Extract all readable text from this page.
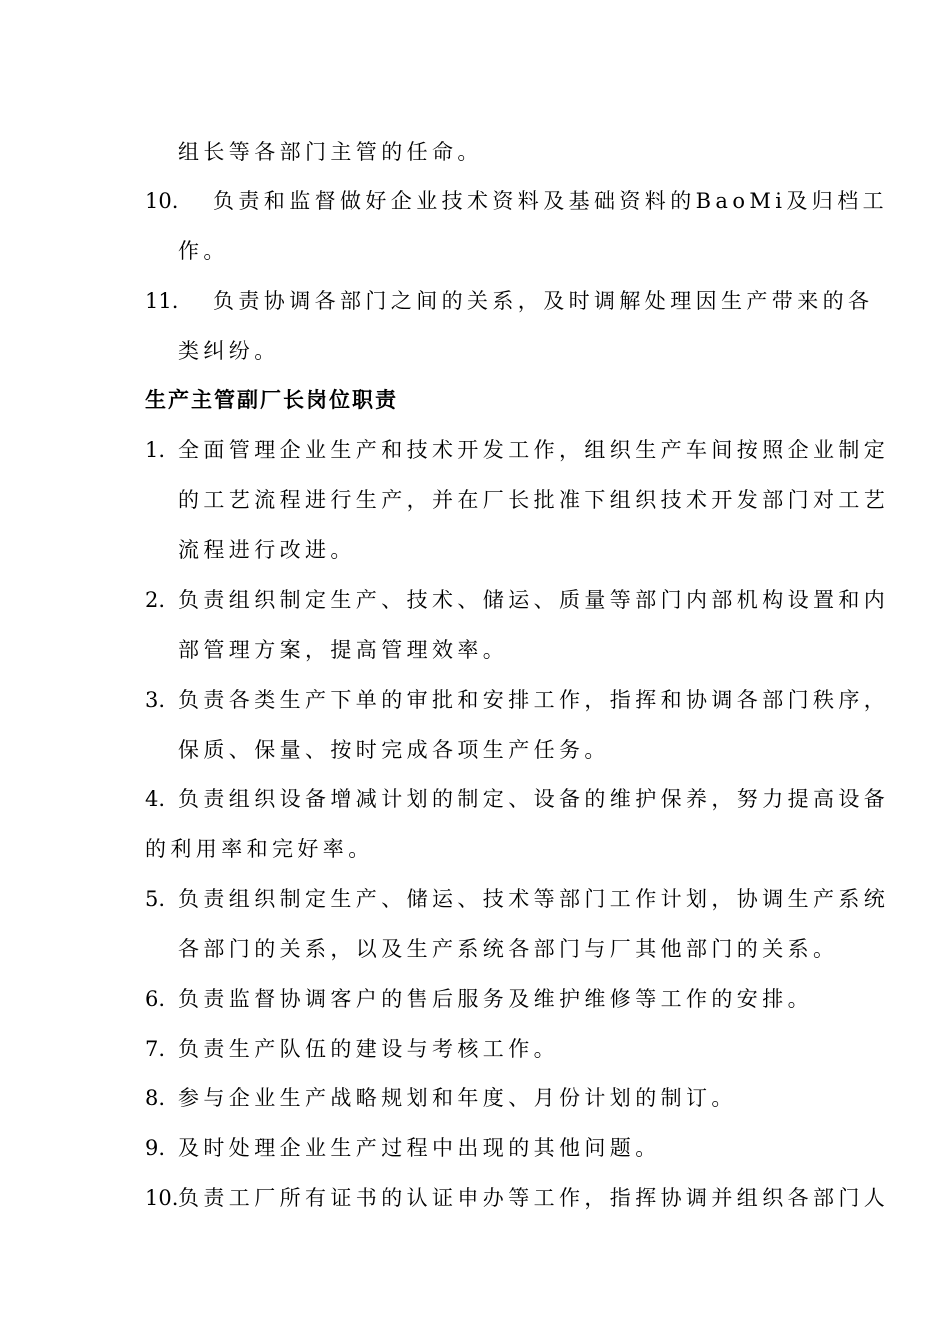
组长等各部门主管的任命。
10. 负责和监督做好企业技术资料及基础资料的BaoMi及归档工
作。
11. 负责协调各部门之间的关系，及时调解处理因生产带来的各
类纠纷。
生产主管副厂长岗位职责
1. 全面管理企业生产和技术开发工作，组织生产车间按照企业制定
的工艺流程进行生产，并在厂长批准下组织技术开发部门对工艺
流程进行改进。
2. 负责组织制定生产、技术、储运、质量等部门内部机构设置和内
部管理方案，提高管理效率。
3. 负责各类生产下单的审批和安排工作，指挥和协调各部门秩序，
保质、保量、按时完成各项生产任务。
4. 负责组织设备增减计划的制定、设备的维护保养，努力提高设备
的利用率和完好率。
5. 负责组织制定生产、储运、技术等部门工作计划，协调生产系统
各部门的关系，以及生产系统各部门与厂其他部门的关系。
6. 负责监督协调客户的售后服务及维护维修等工作的安排。
7. 负责生产队伍的建设与考核工作。
8. 参与企业生产战略规划和年度、月份计划的制订。
9. 及时处理企业生产过程中出现的其他问题。
10.负责工厂所有证书的认证申办等工作，指挥协调并组织各部门人
